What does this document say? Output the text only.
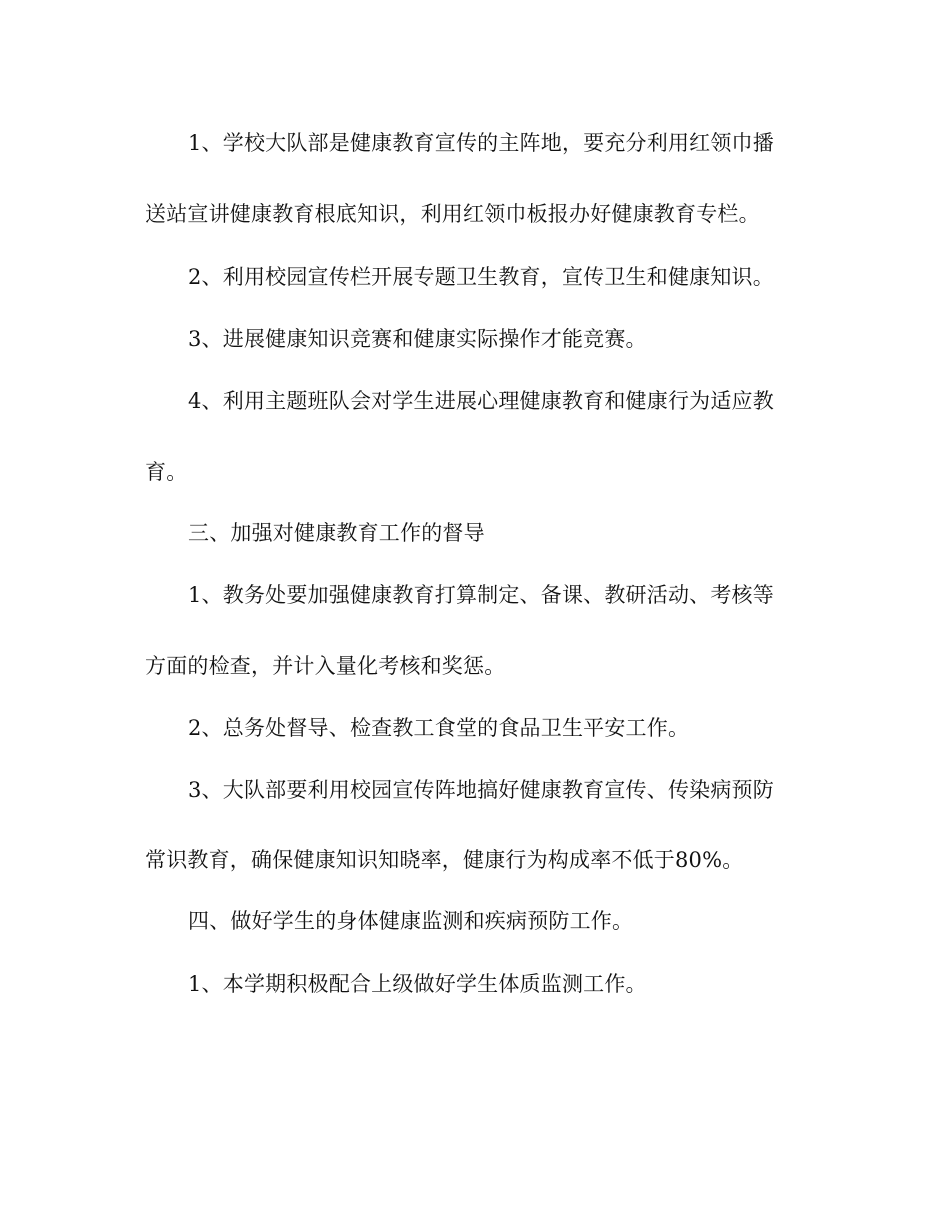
1、学校大队部是健康教育宣传的主阵地，要充分利用红领巾播
送站宣讲健康教育根底知识，利用红领巾板报办好健康教育专栏。
2、利用校园宣传栏开展专题卫生教育，宣传卫生和健康知识。
3、进展健康知识竞赛和健康实际操作才能竞赛。
4、利用主题班队会对学生进展心理健康教育和健康行为适应教
育。
三、加强对健康教育工作的督导
1、教务处要加强健康教育打算制定、备课、教研活动、考核等
方面的检查，并计入量化考核和奖惩。
2、总务处督导、检查教工食堂的食品卫生平安工作。
3、大队部要利用校园宣传阵地搞好健康教育宣传、传染病预防
常识教育，确保健康知识知晓率，健康行为构成率不低于80%。
四、做好学生的身体健康监测和疾病预防工作。
1、本学期积极配合上级做好学生体质监测工作。
